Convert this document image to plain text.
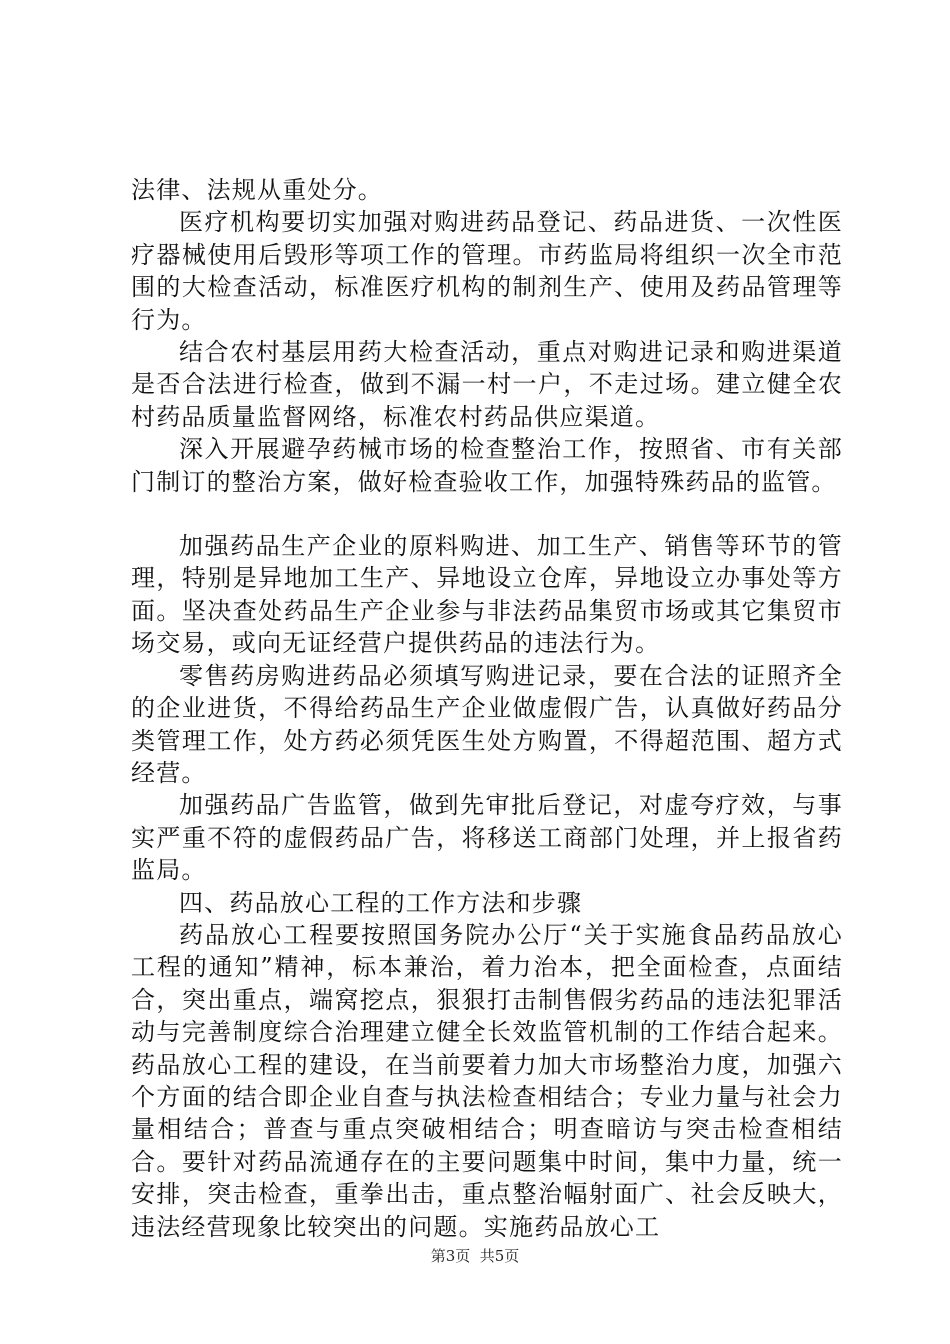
法律、法规从重处分。

医疗机构要切实加强对购进药品登记、药品进货、一次性医疗器械使用后毁形等项工作的管理。市药监局将组织一次全市范围的大检查活动，标准医疗机构的制剂生产、使用及药品管理等行为。

结合农村基层用药大检查活动，重点对购进记录和购进渠道是否合法进行检查，做到不漏一村一户，不走过场。建立健全农村药品质量监督网络，标准农村药品供应渠道。

深入开展避孕药械市场的检查整治工作，按照省、市有关部门制订的整治方案，做好检查验收工作，加强特殊药品的监管。

加强药品生产企业的原料购进、加工生产、销售等环节的管理，特别是异地加工生产、异地设立仓库，异地设立办事处等方面。坚决查处药品生产企业参与非法药品集贸市场或其它集贸市场交易，或向无证经营户提供药品的违法行为。

零售药房购进药品必须填写购进记录，要在合法的证照齐全的企业进货，不得给药品生产企业做虚假广告，认真做好药品分类管理工作，处方药必须凭医生处方购置，不得超范围、超方式经营。

加强药品广告监管，做到先审批后登记，对虚夸疗效，与事实严重不符的虚假药品广告，将移送工商部门处理，并上报省药监局。

四、药品放心工程的工作方法和步骤

药品放心工程要按照国务院办公厅“关于实施食品药品放心工程的通知”精神，标本兼治，着力治本，把全面检查，点面结合，突出重点，端窝挖点，狠狠打击制售假劣药品的违法犯罪活动与完善制度综合治理建立健全长效监管机制的工作结合起来。药品放心工程的建设，在当前要着力加大市场整治力度，加强六个方面的结合即企业自查与执法检查相结合；专业力量与社会力量相结合；普查与重点突破相结合；明查暗访与突击检查相结合。要针对药品流通存在的主要问题集中时间，集中力量，统一安排，突击检查，重拳出击，重点整治幅射面广、社会反映大，违法经营现象比较突出的问题。实施药品放心工

第3页  共5页
